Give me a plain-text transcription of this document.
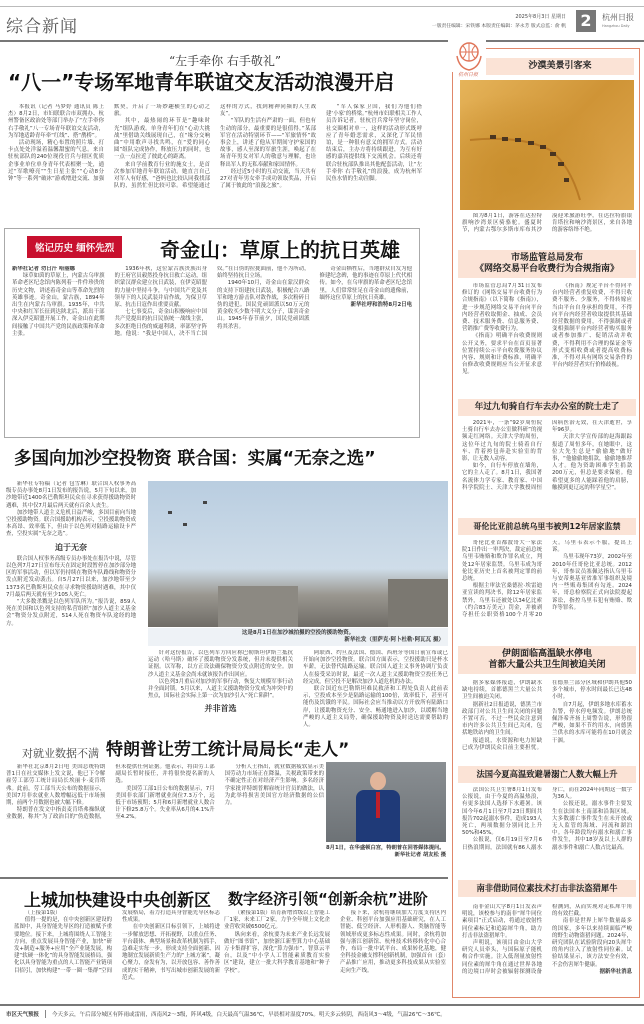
综合新闻	2025年8月3日 星期日
一版责任编辑：宋铁娜 本版责任编辑：茅永芳 版式总监：俞 帆 2	杭州日报
Hangzhou Daily
“左手牵你 右手敬礼”
“八一”专场军地青年联谊交友活动浪漫开启

本报讯（记者 马梦婷 通讯员 陈上杰）8月2日，市妇联联合市双拥办、杭州警备区政治处等部门举办了“左手牵你 右手敬礼”八一专场青年联谊交友活动，为军地适龄青年牵“红线”、搭“鹊桥”。

活动现场，精心布置的照片墙、打卡点处处洋溢着温馨甜蜜的气息。来自驻杭部队的240位现役官兵与辖区优质企事业单位单身青年代表相聚一处，通过“军歌嘹亮”“生日星主张”“心动8分钟”等一系列“破冰”游戏增进交流、加强默契，开启了一场妙趣横生的心动之旅。

其中，最热闹的环节是“趣味时光”组队游戏。单身青年们在“心动大挑战”里借助关线展现自己，在“缘分交响曲”中用歌声寻找共鸣，在“爱的同心圆”组队完成协作，释放压力的同时，也一点一点拉近了彼此心的距离。

来自学前教育行业的施女士，是首次参加军地青年联谊活动。她直言自己对军人有好感，“爸妈也比较认同我找部队的，虽然忙但比较可靠。希望能通过这样的方式，找到精神同频的人生战友”。

“军队的生活有严肃的一面，但也有生动的部分，最重要的是很值得。”某部军官在活动特别环节——“军旅情怀”故事会上，讲述了他从军期间守护家国的故事，感人至深的军旅生涯，唤起了在场青年男女对军人的敬意与理解，也诠释出军人的无私奉献和家国情怀。

经过近5小时的互动交流，当天共有27对青年男女牵手成功领取奖品，开启了属于彼此的“浪漫之旅”。

“军人保家卫国，我们为他们搭建‘小家’的桥梁。”杭州市妇联相关工作人员告诉记者，驻杭官兵常年坚守岗位，社交圈相对单一，这样的活动形式既呼应了青年婚恋需求，又深化了军民情谊，是一种很有意义的拥军方式。活动结束后，主办方将持续跟进，为互有好感的嘉宾提供线下交流机会。后续还将联合驻杭部队推出其他配套活动，让“左手牵你 右手敬礼”的浪漫，成为杭州军民鱼水情的生动注脚。

铭记历史 缅怀先烈	奇金山：草原上的抗日英雄

新华社记者 勿日汗 哈丽娜

绿草如茵的草原上，内蒙古乌审旗革命老区纪念馆内陈列着一件件珍贵的历史文物，讲述着奇金山等革命先烈的英雄事迹。奇金山，蒙古族，1894年出生在内蒙古乌审旗。1935年，中共中央和红军长征到达陕北后，派出干部深入伊克昭盟开展工作，奇金山在此期间接触了中国共产党的民族政策和革命主张。

1936年秋，这位蒙古族贵族出身的王府官员毅然投身抗日救亡运动，组织蒙汉群众建立抗日武装，在伊克昭盟的力量中坚持斗争，与中国共产党及其领导下的人民武装并肩作战，为保卫草原、抗击日寇作出重要贡献。

七七事变后，奇金山积极响应中国共产党提出的抗日民族统一战线主张，多次拒绝日伪的威逼利诱，率部坚守阵地。他说：“我是中国人，决不当亡国奴。”在日伪的拉拢面前，他不为所动，始终坚持抗日立场。

1940年10月，奇金山在蒙汉群众的支持下组建抗日武装，积极配合八路军和地方游击队对敌作战，多次粉碎日伪的进犯。国民党顽固派以50万元的黄金收买少数不明大义分子，谋害奇金山。1945年春节前夕，国民党顽固派将其杀害。

奇金山牺牲后，当地群众自发为他修建纪念碑，他的事迹在草原上代代相传。如今，在乌审旗的革命老区纪念馆里，人们常常驻足在奇金山的遗像前，缅怀这位草原上的抗日英雄。

新华社呼和浩特8月2日电

多国向加沙空投物资 联合国：实属“无奈之选”

新华社专特稿（记者 包雪琳）联合国人权事务高级专员办事处8月1日发布的报告说，5月下旬以来，加沙地带近1400名巴勒斯坦民众在寻求获得援助物资时遇难，其中仅7月最后两天就有百余人丧生。

加沙地带人道主义危机日益严峻，多国目前向当地空投援助物资。联合国援助机构表示，空投援助物资成本高昂、效率低下，但由于以色列对陆路运输设卡严查，空投实属“无奈之选”。

迫于无奈

联合国人权事务高级专员办事处在报告中说，尽管以色列7月27日宣布每天在固定时段暂停在加沙部分地区的军事活动，但以军仍持续在物资车队路线和物资分发点附近发动袭击。自5月27日以来，加沙地带至少1373名巴勒斯坦民众在寻求物资援助时遇难，其中仅7月最后两天就有至少105人死亡。

“大多数杀戮是以色列军队所为。”报告说，859人死在美国和以色列支持的私营组织“加沙人道主义基金会”物资分发点附近，514人死在物资车队途经的地方。

这是8月1日在加沙城拍摄的空投的援助物资。
新华社发（里萨克·阿卜杜勒·阿瓦瓦 摄）

针对这份报告，以色列军方回应称巴勒斯坦伊斯兰抵抗运动（哈马斯）破坏了援助物资分发系统，但并未提供相关证据。以军称，以方正设法确保物资分发点附近的安全。加沙人道主义基金会尚未就该报告作出回应。

以色列3月重启对加沙的军事行动，恢复大规模军事行动并全面封锁。5月以来，人道主义援助物资分发成为冲突中的焦点，国际社会实际上第一次为加沙引入“死亡陷阱”。

并非首选

阿联酋、约旦及法国、德国、西班牙等国日前宣布或已开始向加沙空投物资。联合国方面表示，空投援助只是杯水车薪，无法替代陆路运输。联合国人道主义事务协调厅负责人在接受采访时说，最近一次人道主义援助物资空投任务已经完成，但空投不是解决加沙人道危机的办法。

联合国近东巴勒斯坦难民救济和工程处负责人此前表示，空投成本至少是陆路运输的100倍，效率低下，甚至可能伤及饥饿的平民。国际社会应当推动以方开放所有陆路口岸，让援助物资充分、安全、畅通地进入加沙，以缓解当地严峻的人道主义局势，确保援助物资及时送达需要帮助的人。

对就业数据不满 特朗普让劳工统计局局长“走人”

新华社北京8月2日电 美国总统特朗普1日在社交媒体上发文说，他已下令解雇劳工部劳工统计局局长埃丽卡·麦肯塔弗。此前，劳工部当天公布的数据显示，美国7月非农就业人数增幅远低于市场预期，前两个月数据也被大幅下修。

特朗普在发文中指责麦肯塔弗操纵就业数据，称其“为了政治目的”伪造数据，但未提供任何证据。他表示，将由劳工部副局长暂时接任，并将很快提名新的人选。

美国劳工部1日公布的数据显示，7月美国非农部门新增就业岗位7.3万个，远低于市场预期；5月和6月新增就业人数合计下修25.8万个。失业率从6月的4.1%升至4.2%。

分析人士指出，就业数据疲软显示美国劳动力市场正在降温，关税政策带来的不确定性正在对经济产生影响。多名经济学家批评特朗普解雇统计官员的做法，认为此举将损害美国官方经济数据的公信力。

8月1日，在华盛顿白宫，特朗普在回答媒体提问。
新华社记者 胡友松 摄
上城加快建设中央创新区

（上接第1版）

值得一提的是，在中央创新区建设的蓝图中，具身智能先导区的打造被赋予重要地位。接下来，上城将围绕人工智能主方向，重点发展具身智能产业，加快“研发+制造+服务+应用”全产业链发展，构建“软硬一体化”的具身智能发展格局，强化以具身智能为重点的人工智能产业链项目招引，加快构建“一带一圈一集群”空间发展格局，着力打造具身智能先导区标志性成果。

在中央创新区目标引领下，上城将进一步解放思想、开拓视野，以重点任务、平台载体、典型场景和改革机制为抓手，急难走实每一步，形成支持全面创新、因地制宜发展新质生产力的“上城方案”，凝心聚力，奋发有为，以开放包容、善作善成的实干精神，书写出城市创新发展的新范式。

数字经济引领“创新余杭”进阶

（紧接第1版）培育新增省级以上智能工厂1家、未来工厂2家，力争全年规上文化企业营收突破6500亿元。

纵向来看，余杭要为未来产业长远发展做好“图书馆”，加快浙江新型算力中心基础万卡集群扩容，深化“算力强市”，智算云平台，以及“中小学人工智能素质教育实验区”建设，建立一批大科学教育基地和“种子学校”。

接下来，余杭将继续加大力度支持区内企业、科创平台加强应用基础研究，在人工智能、低空经济、人形机器人、类脑智能等领域形成更多标志性成果。同时，余杭将加强与浙江创新馆、杭州技术转移转化中心合作，布局一批中试平台、成果转化基地，健全科技金融支撑科创新机制，加强首台（套）产品推广应用，推动更多科技成果从实验室走向生产线。

杭州日报
沙漠美景引客来

图为8月1日，游客在达拉特旗响沙湾景区骑骆驼。盛夏时节，内蒙古鄂尔多斯市库布其沙漠迎来旅游旺季，在达拉特旗银肯塔拉和响沙湾景区，来自各地的游客络绎不绝。

市场监管总局发布
《网络交易平台收费行为合规指南》

市场监管总局7月31日发布修订的《网络交易平台收费行为合规指南》（以下简称《指南》），进一步规范网络交易平台向平台内经营者收取佣金、抽成、会员费、技术服务费、信息服务费、营销推广费等收费行为。

《指南》明确平台收费规则公开义务，要求平台在首页显著位置持续公示平台收费服务协议内容、规则和计费标准，明确平台修改收费规则应当公开征求意见。

《指南》规定平台不得向平台内经营者重复收费，不得只收费不服务、少服务，不得转嫁应当由平台自身承担的费用，不得向平台内经营者收取提供其基础经营数据的费用，不得强制或者变相强制平台内经营者购买服务或者参加推广、促销活动并收费，不得利用不合理的保证金等形式变相收费或者提高收费标准，不得对具有网络交易条件的平台内经营者实行价格歧视。

年过九旬骑自行车去办公室的院士走了

2021年，一条“92岁周恒院士骑自行车去办公室做科研”的视频走红网络。天津大学的周恒，这位年过九旬的院士骑着自行车、背着挎包奔赴实验室的背影，让无数人动容。

如今，自行车停放在墙角，它的主人走了。8月1日，我国著名流体力学专家、教育家、中国科学院院士、天津大学教授周恒因病医治无效，在天津逝世，享年96岁。

天津大学宣传部的赵海跟踪报道了周恒多年，在她眼中，这位大先生总是“偷偷地”做好事，“他偷偷地捐款，偷偷地推荐人才。他为资助困难学生捐款200万元，但总是要求保密。他希望更多的人能踩着他的肩膀，触摸到更辽远的科学星空”。

哥伦比亚前总统乌里韦被判12年居家监禁

哥伦比亚首都波哥大一家法院1日作出一审判决，裁定前总统乌里韦贿赂和欺诈罪名成立，判处12年居家监禁。乌里韦成为哥伦比亚历史上首名被判定罪的前总统。

根据主审法官桑德拉·埃雷迪亚宣读的判决书，除12年居家监禁外，乌里韦还被处以34亿比索（约合83万美元）罚金，并被剥夺担任公职资格100个月零20天。乌里韦表示不服，提出上诉。

乌里韦现年73岁，2002年至2010年任哥伦比亚总统。2012年，哥参议员塞佩达指认乌里韦与安蒂奥基亚省准军事组织及境内一些贩毒集团有勾连。2024年，哥总检察院正式向法院提起诉讼，指控乌里韦犯有贿赂、欺诈等罪名。

伊朗面临高温缺水停电
首都大量公共卫生间被迫关闭

据多家媒体报道，伊朗缺水缺电持续，首都德黑兰大量公共卫生间被迫关闭。

据新社2日报道说，德黑兰市政部门对公共卫生间关闭的问题不置可否，不过一些民众注意到市内许多公共卫生间已关闭，包括地铁站内的卫生间。

报道说，水资源和电力短缺已成为伊朗民众目前主要担忧。在德黑兰部分区域和伊朗其他50多个城市，停水时间最长已达48小时。

自7月起，伊朗多地水库蓄水告警，停水停电频发。伊朗总统佩泽希齐扬上周警告说，形势很严峻，如果不节约用水，向德黑兰供水的水库可能将在10月就会干涸。

法国今夏高温致避暑溺亡人数大幅上升

法国公共卫生署8月1日发布公报说，由于今夏的高温热浪，有更多法国人选择下水避暑。该国今年6月1日至7月23日期间共报告702起溺水事件，造成193人死亡，两项数据分别同比上升50%和45%。

公报说，仅6月19日至7月6日热浪期间，法国就有86人溺水身亡，而在2024年同期这一数字为36人。

公报还说，溺水事件主要发生在法国本土南部和沿海区域。大多数溺亡事件发生在未开放或无人监管的海域、河流和湖泊中。各年龄段均有溺水和溺亡事件发生，其中18岁及以上人群的溺水事件和溺亡人数占比最高。

南非借助同位素技术打击非法盗猎犀牛

南非金山大学8月1日发表声明说，该校参与的南非“犀牛同位素项目”正式启动，将通过放射性同位素标记和追踪犀牛角，助力打击非法盗猎犀牛。

声明说，该项目由金山大学研究人员牵头，与国际原子能机构合作实施。注入低剂量放射性同位素的犀牛角在通过世界各地的边境口岸时会被辐射探测设备检测到，从而实现对走私犀牛角的有效拦截。

南非是世界上犀牛数量最多的国家，多年以来持续面临严峻的野生动物盗猎问题。2024年，研究团队在试验阶段向20头犀牛的角内注入了放射性同位素。试验结果显示，该方法安全有效，不会伤害犀牛健康。

据新华社消息

市区天气预报	今天多云，午后部分城区有阵雨或雷雨，西南风2～3级，阵风4级，白天最高气温36℃，早晨相对湿度70%。明天多云转阴，西南风3～4级，气温26℃～36℃。
